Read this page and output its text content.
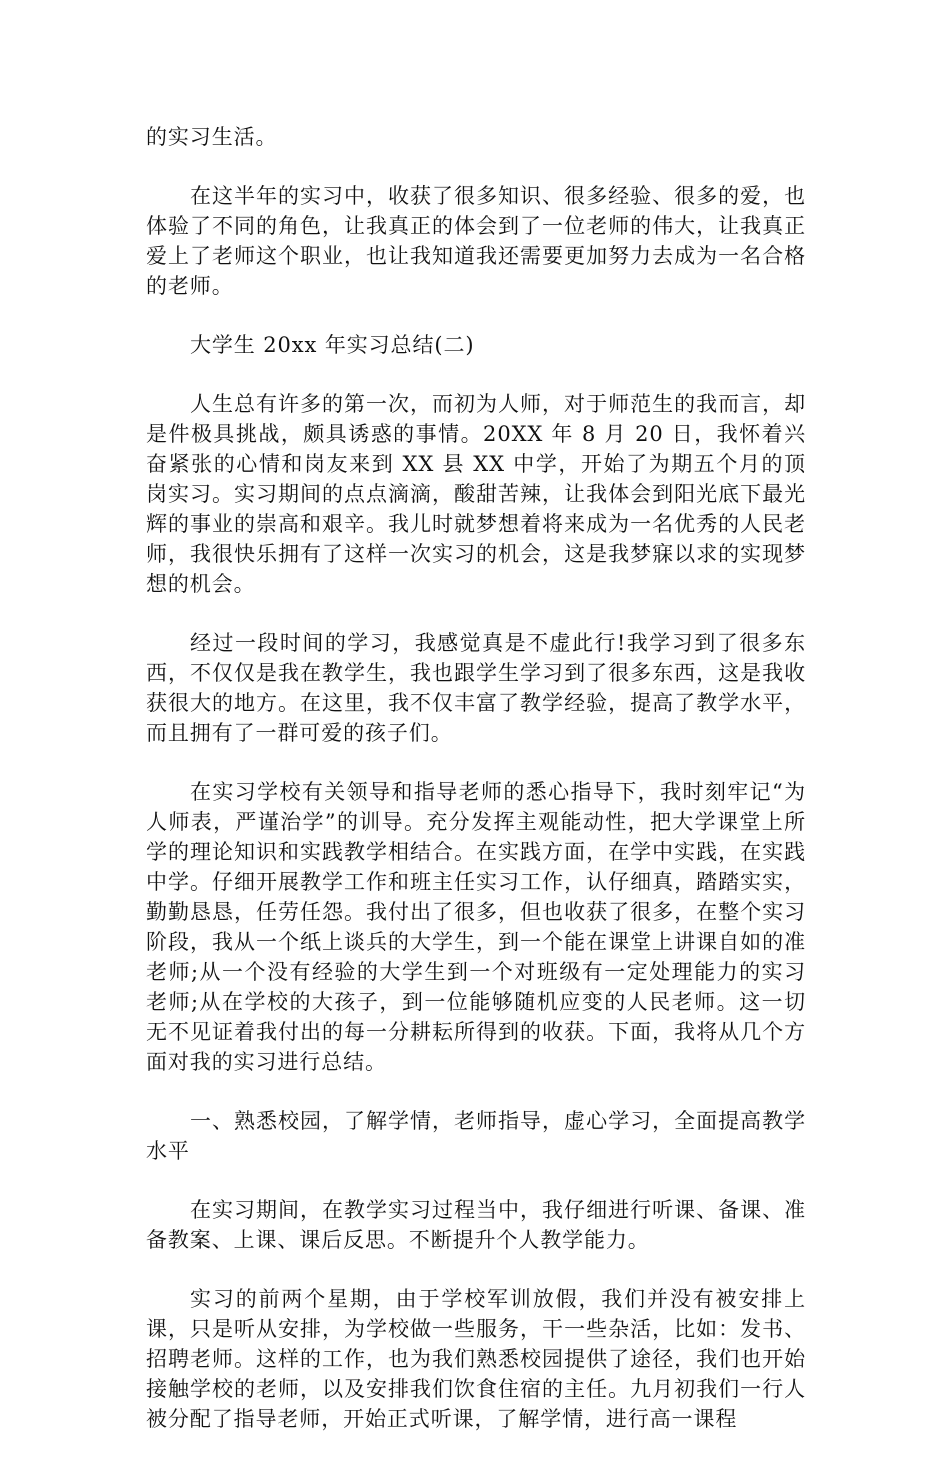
的实习生活。

在这半年的实习中，收获了很多知识、很多经验、很多的爱，也体验了不同的角色，让我真正的体会到了一位老师的伟大，让我真正爱上了老师这个职业，也让我知道我还需要更加努力去成为一名合格的老师。

大学生 20xx 年实习总结(二)

人生总有许多的第一次，而初为人师，对于师范生的我而言，却是件极具挑战，颇具诱惑的事情。20XX 年 8 月 20 日，我怀着兴奋紧张的心情和岗友来到 XX 县 XX 中学，开始了为期五个月的顶岗实习。实习期间的点点滴滴，酸甜苦辣，让我体会到阳光底下最光辉的事业的崇高和艰辛。我儿时就梦想着将来成为一名优秀的人民老师，我很快乐拥有了这样一次实习的机会，这是我梦寐以求的实现梦想的机会。

经过一段时间的学习，我感觉真是不虚此行!我学习到了很多东西，不仅仅是我在教学生，我也跟学生学习到了很多东西，这是我收获很大的地方。在这里，我不仅丰富了教学经验，提高了教学水平，而且拥有了一群可爱的孩子们。

在实习学校有关领导和指导老师的悉心指导下，我时刻牢记“为人师表，严谨治学”的训导。充分发挥主观能动性，把大学课堂上所学的理论知识和实践教学相结合。在实践方面，在学中实践，在实践中学。仔细开展教学工作和班主任实习工作，认仔细真，踏踏实实，勤勤恳恳，任劳任怨。我付出了很多，但也收获了很多，在整个实习阶段，我从一个纸上谈兵的大学生，到一个能在课堂上讲课自如的准老师;从一个没有经验的大学生到一个对班级有一定处理能力的实习老师;从在学校的大孩子，到一位能够随机应变的人民老师。这一切无不见证着我付出的每一分耕耘所得到的收获。下面，我将从几个方面对我的实习进行总结。

一、熟悉校园，了解学情，老师指导，虚心学习，全面提高教学水平

在实习期间，在教学实习过程当中，我仔细进行听课、备课、准备教案、上课、课后反思。不断提升个人教学能力。

实习的前两个星期，由于学校军训放假，我们并没有被安排上课，只是听从安排，为学校做一些服务，干一些杂活，比如：发书、招聘老师。这样的工作，也为我们熟悉校园提供了途径，我们也开始接触学校的老师，以及安排我们饮食住宿的主任。九月初我们一行人被分配了指导老师，开始正式听课，了解学情，进行高一课程
